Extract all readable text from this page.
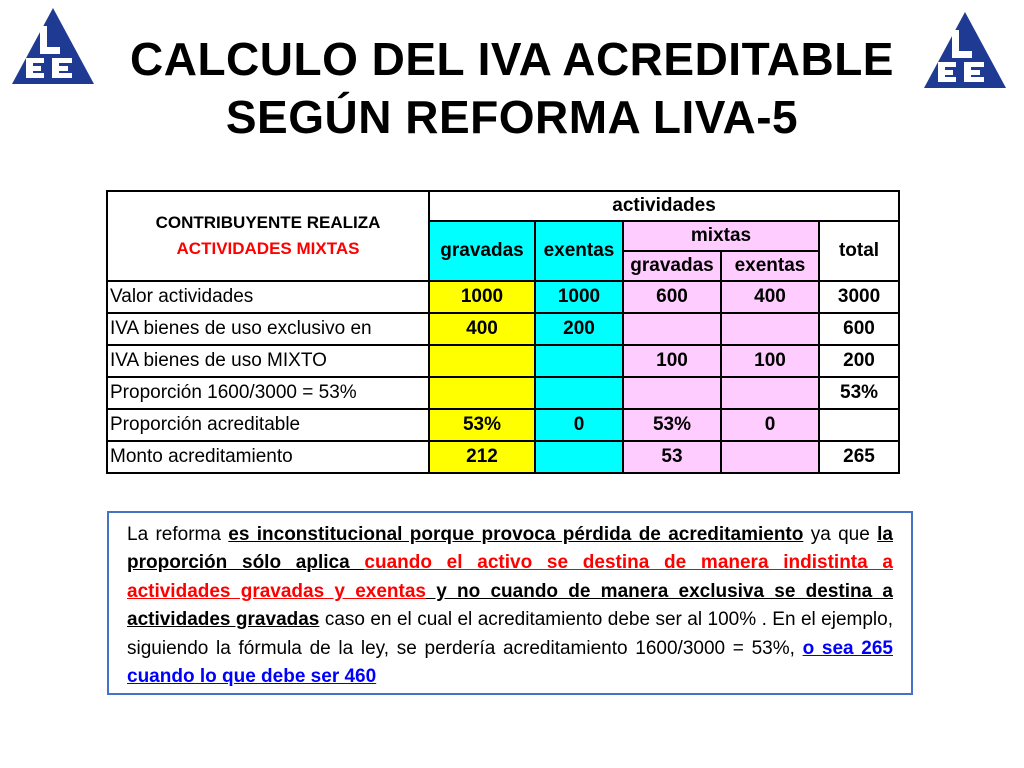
CALCULO DEL IVA ACREDITABLE
SEGÚN REFORMA LIVA-5
CONTRIBUYENTE REALIZA
ACTIVIDADES MIXTAS	actividades				
	gravadas	exentas	mixtas		total
			gravadas	exentas	
Valor actividades	1000	1000	600	400	3000
IVA bienes de uso exclusivo en	400	200			600
IVA bienes de uso MIXTO			100	100	200
Proporción 1600/3000 = 53%					53%
Proporción acreditable	53%	0	53%	0	
Monto acreditamiento	212		53		265
La reforma es inconstitucional porque provoca pérdida de acreditamiento ya que la proporción sólo aplica cuando el activo se destina de manera indistinta a actividades gravadas y exentas y no cuando de manera exclusiva se destina a actividades gravadas caso en el cual el acreditamiento debe ser al 100% . En el ejemplo, siguiendo la fórmula de la ley, se perdería acreditamiento 1600/3000 = 53%, o sea 265 cuando lo que debe ser 460
